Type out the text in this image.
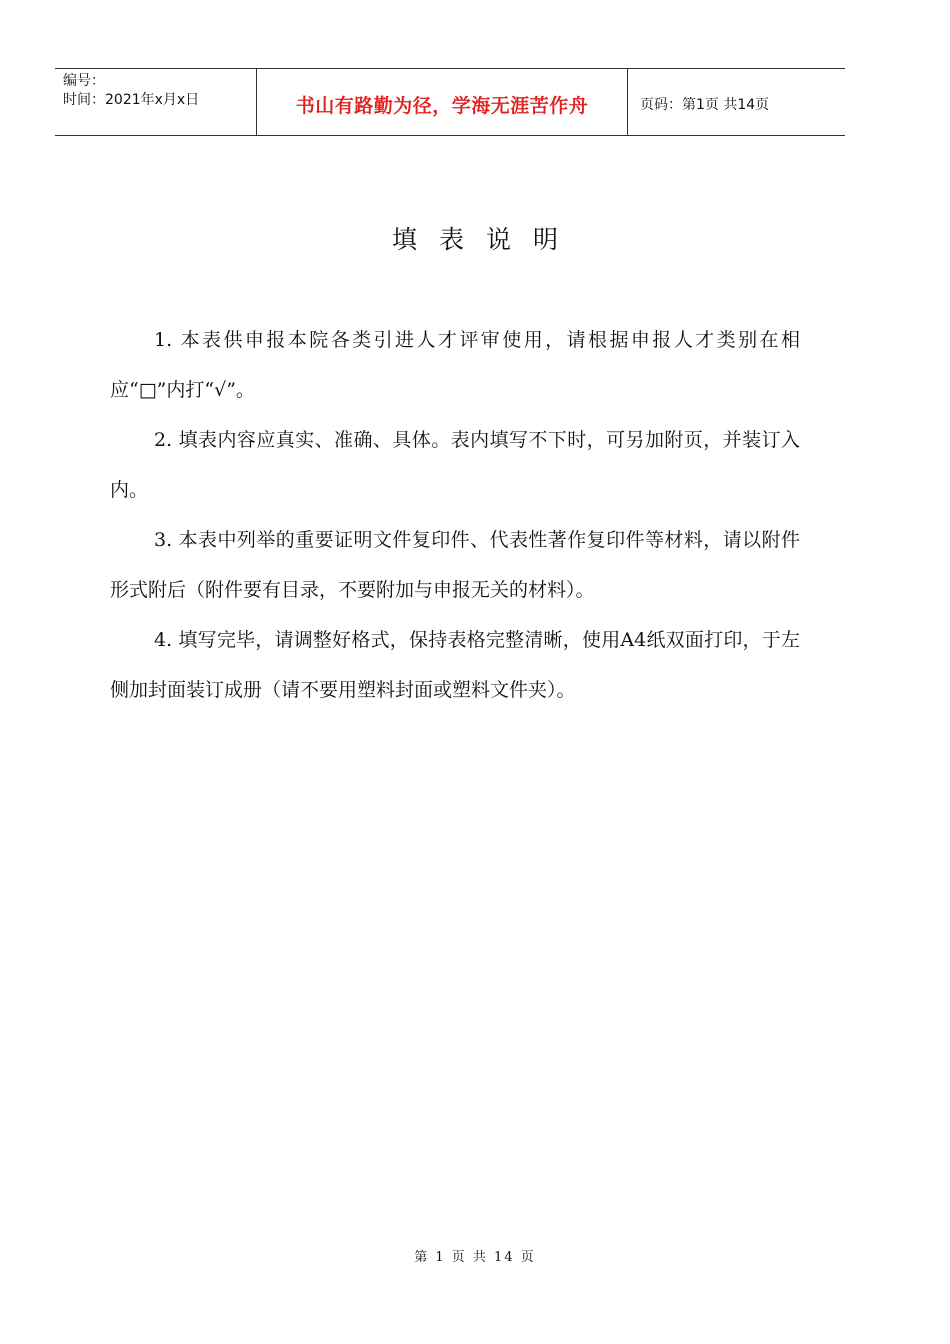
编号：
时间：2021年x月x日	书山有路勤为径，学海无涯苦作舟	页码：第1页 共14页
填表说明

1. 本表供申报本院各类引进人才评审使用，请根据申报人才类别在相应“□”内打“√”。

2. 填表内容应真实、准确、具体。表内填写不下时，可另加附页，并装订入内。

3. 本表中列举的重要证明文件复印件、代表性著作复印件等材料，请以附件形式附后（附件要有目录，不要附加与申报无关的材料）。

4. 填写完毕，请调整好格式，保持表格完整清晰，使用A4纸双面打印，于左侧加封面装订成册（请不要用塑料封面或塑料文件夹）。

第 1 页 共 14 页
